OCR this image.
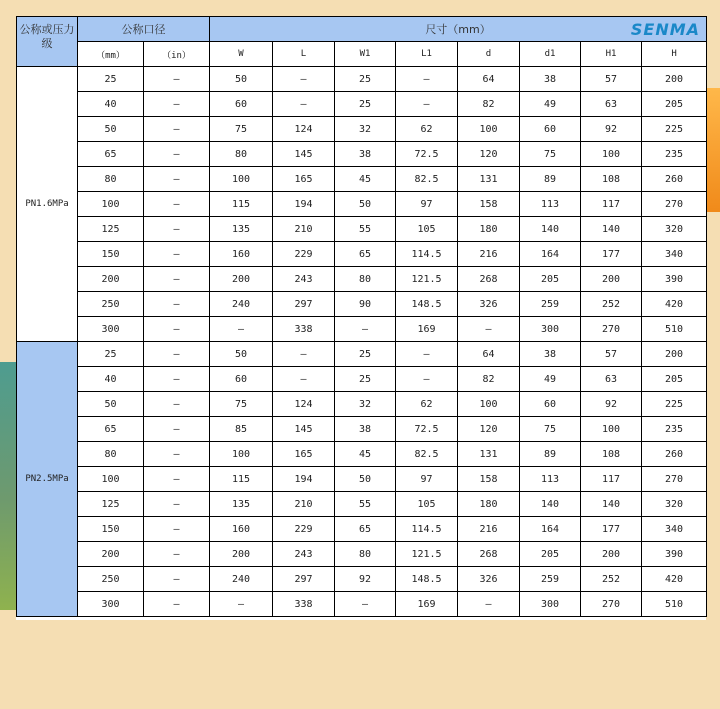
公称或压力级	公称口径		尺寸（mm） SENMA							

	（mm）	（in）	W	L	W1	L1	d	d1	H1	H
PN1.6MPa	25	–	50	–	25	–	64	38	57	200
	40	–	60	–	25	–	82	49	63	205
	50	–	75	124	32	62	100	60	92	225
	65	–	80	145	38	72.5	120	75	100	235
	80	–	100	165	45	82.5	131	89	108	260
	100	–	115	194	50	97	158	113	117	270
	125	–	135	210	55	105	180	140	140	320
	150	–	160	229	65	114.5	216	164	177	340
	200	–	200	243	80	121.5	268	205	200	390
	250	–	240	297	90	148.5	326	259	252	420
	300	–	–	338	–	169	–	300	270	510
PN2.5MPa	25	–	50	–	25	–	64	38	57	200
	40	–	60	–	25	–	82	49	63	205
	50	–	75	124	32	62	100	60	92	225
	65	–	85	145	38	72.5	120	75	100	235
	80	–	100	165	45	82.5	131	89	108	260
	100	–	115	194	50	97	158	113	117	270
	125	–	135	210	55	105	180	140	140	320
	150	–	160	229	65	114.5	216	164	177	340
	200	–	200	243	80	121.5	268	205	200	390
	250	–	240	297	92	148.5	326	259	252	420
	300	–	–	338	–	169	–	300	270	510
